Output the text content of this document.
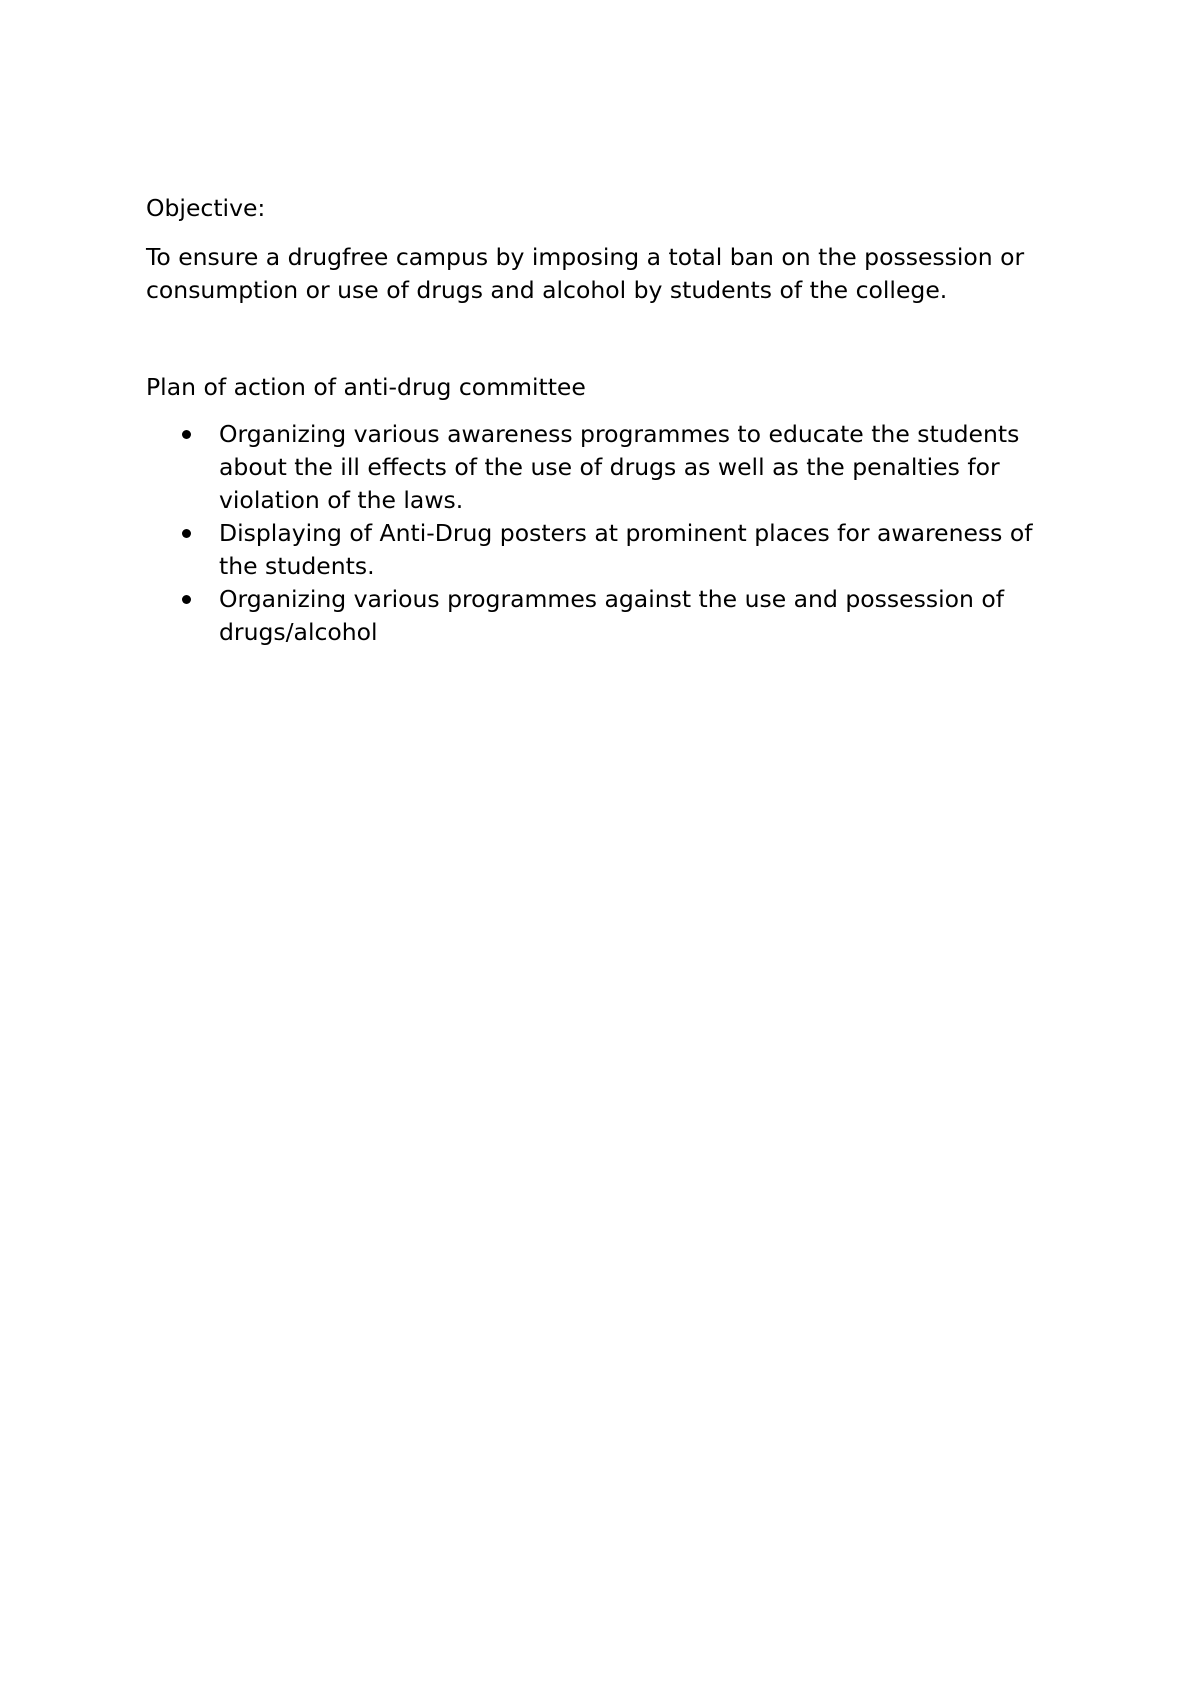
Objective:

To ensure a drugfree campus by imposing a total ban on the possession or consumption or use of drugs and alcohol by students of the college.

Plan of action of anti-drug committee

Organizing various awareness programmes to educate the students about the ill effects of the use of drugs as well as the penalties for violation of the laws.
Displaying of Anti-Drug posters at prominent places for awareness of the students.
Organizing various programmes against the use and possession of drugs/alcohol
